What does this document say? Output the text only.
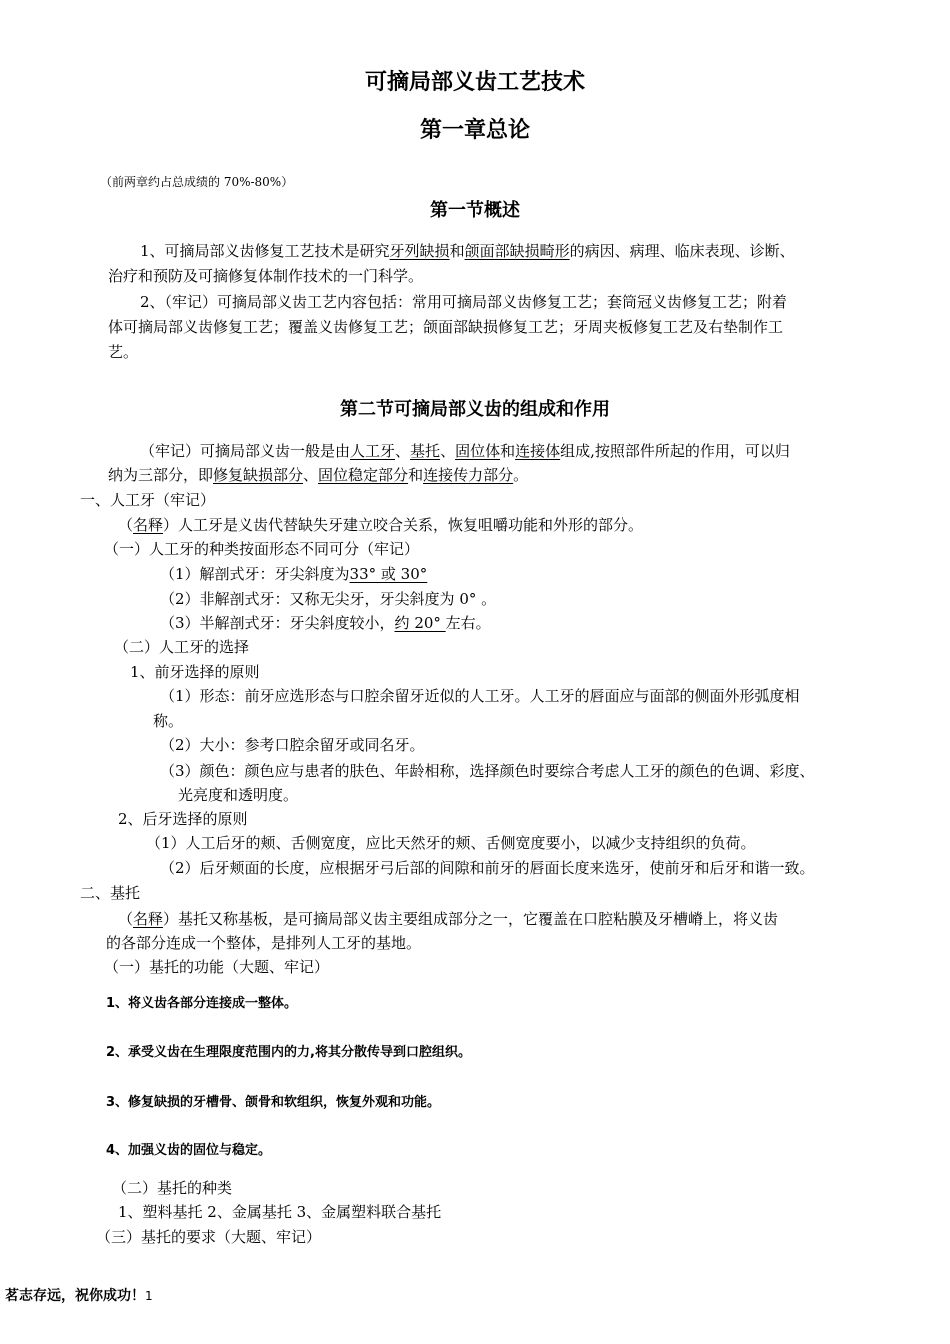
可摘局部义齿工艺技术
第一章总论
（前两章约占总成绩的 70%-80%）
第一节概述
1、可摘局部义齿修复工艺技术是研究牙列缺损和颌面部缺损畸形的病因、病理、临床表现、诊断、
治疗和预防及可摘修复体制作技术的一门科学。
2、（牢记）可摘局部义齿工艺内容包括：常用可摘局部义齿修复工艺；套筒冠义齿修复工艺；附着
体可摘局部义齿修复工艺；覆盖义齿修复工艺；颌面部缺损修复工艺；牙周夹板修复工艺及右垫制作工
艺。
第二节可摘局部义齿的组成和作用
（牢记）可摘局部义齿一般是由人工牙、基托、固位体和连接体组成,按照部件所起的作用，可以归
纳为三部分，即修复缺损部分、固位稳定部分和连接传力部分。
一、人工牙（牢记）
（名释）人工牙是义齿代替缺失牙建立咬合关系，恢复咀嚼功能和外形的部分。
（一）人工牙的种类按​​面形态不同可分（牢记）
（1）解剖式牙：牙尖斜度为33° 或 30°
（2）非解剖式牙：又称无尖牙，牙尖斜度为 0° 。
（3）半解剖式牙：牙尖斜度较小，约 20° 左右。
（二）人工牙的选择
1、前牙选择的原则
（1）形态：前牙应选形态与口腔余留牙近似的人工牙。人工牙的唇面应与面部的侧面外形弧度相
称。
（2）大小：参考口腔余留牙或同名牙。
（3）颜色：颜色应与患者的肤色、年龄相称，选择颜色时要综合考虑人工牙的颜色的色调、彩度、
光亮度和透明度。
2、后牙选择的原则
（1）人工后牙的颊、舌侧宽度，应比天然牙的颊、舌侧宽度要小，以减少支持组织的负荷。
（2）后牙颊面的长度，应根据牙弓后部的间隙和前牙的唇面长度来选牙，使前牙和后牙和谐一致。
二、基托
（名释）基托又称基板，是可摘局部义齿主要组成部分之一，它覆盖在口腔粘膜及牙槽嵴上，将义齿
的各部分连成一个整体，是排列人工牙的基地。
（一）基托的功能（大题、牢记）
1、将义齿各部分连接成一整体。
2、承受义齿在生理限度范围内的力,将其分散传导到口腔组织。
3、修复缺损的牙槽骨、颌骨和软组织，恢复外观和功能。
4、加强义齿的固位与稳定。
（二）基托的种类
1、塑料基托 2、金属基托 3、金属塑料联合基托
（三）基托的要求（大题、牢记）
茗志存远，祝你成功！1
